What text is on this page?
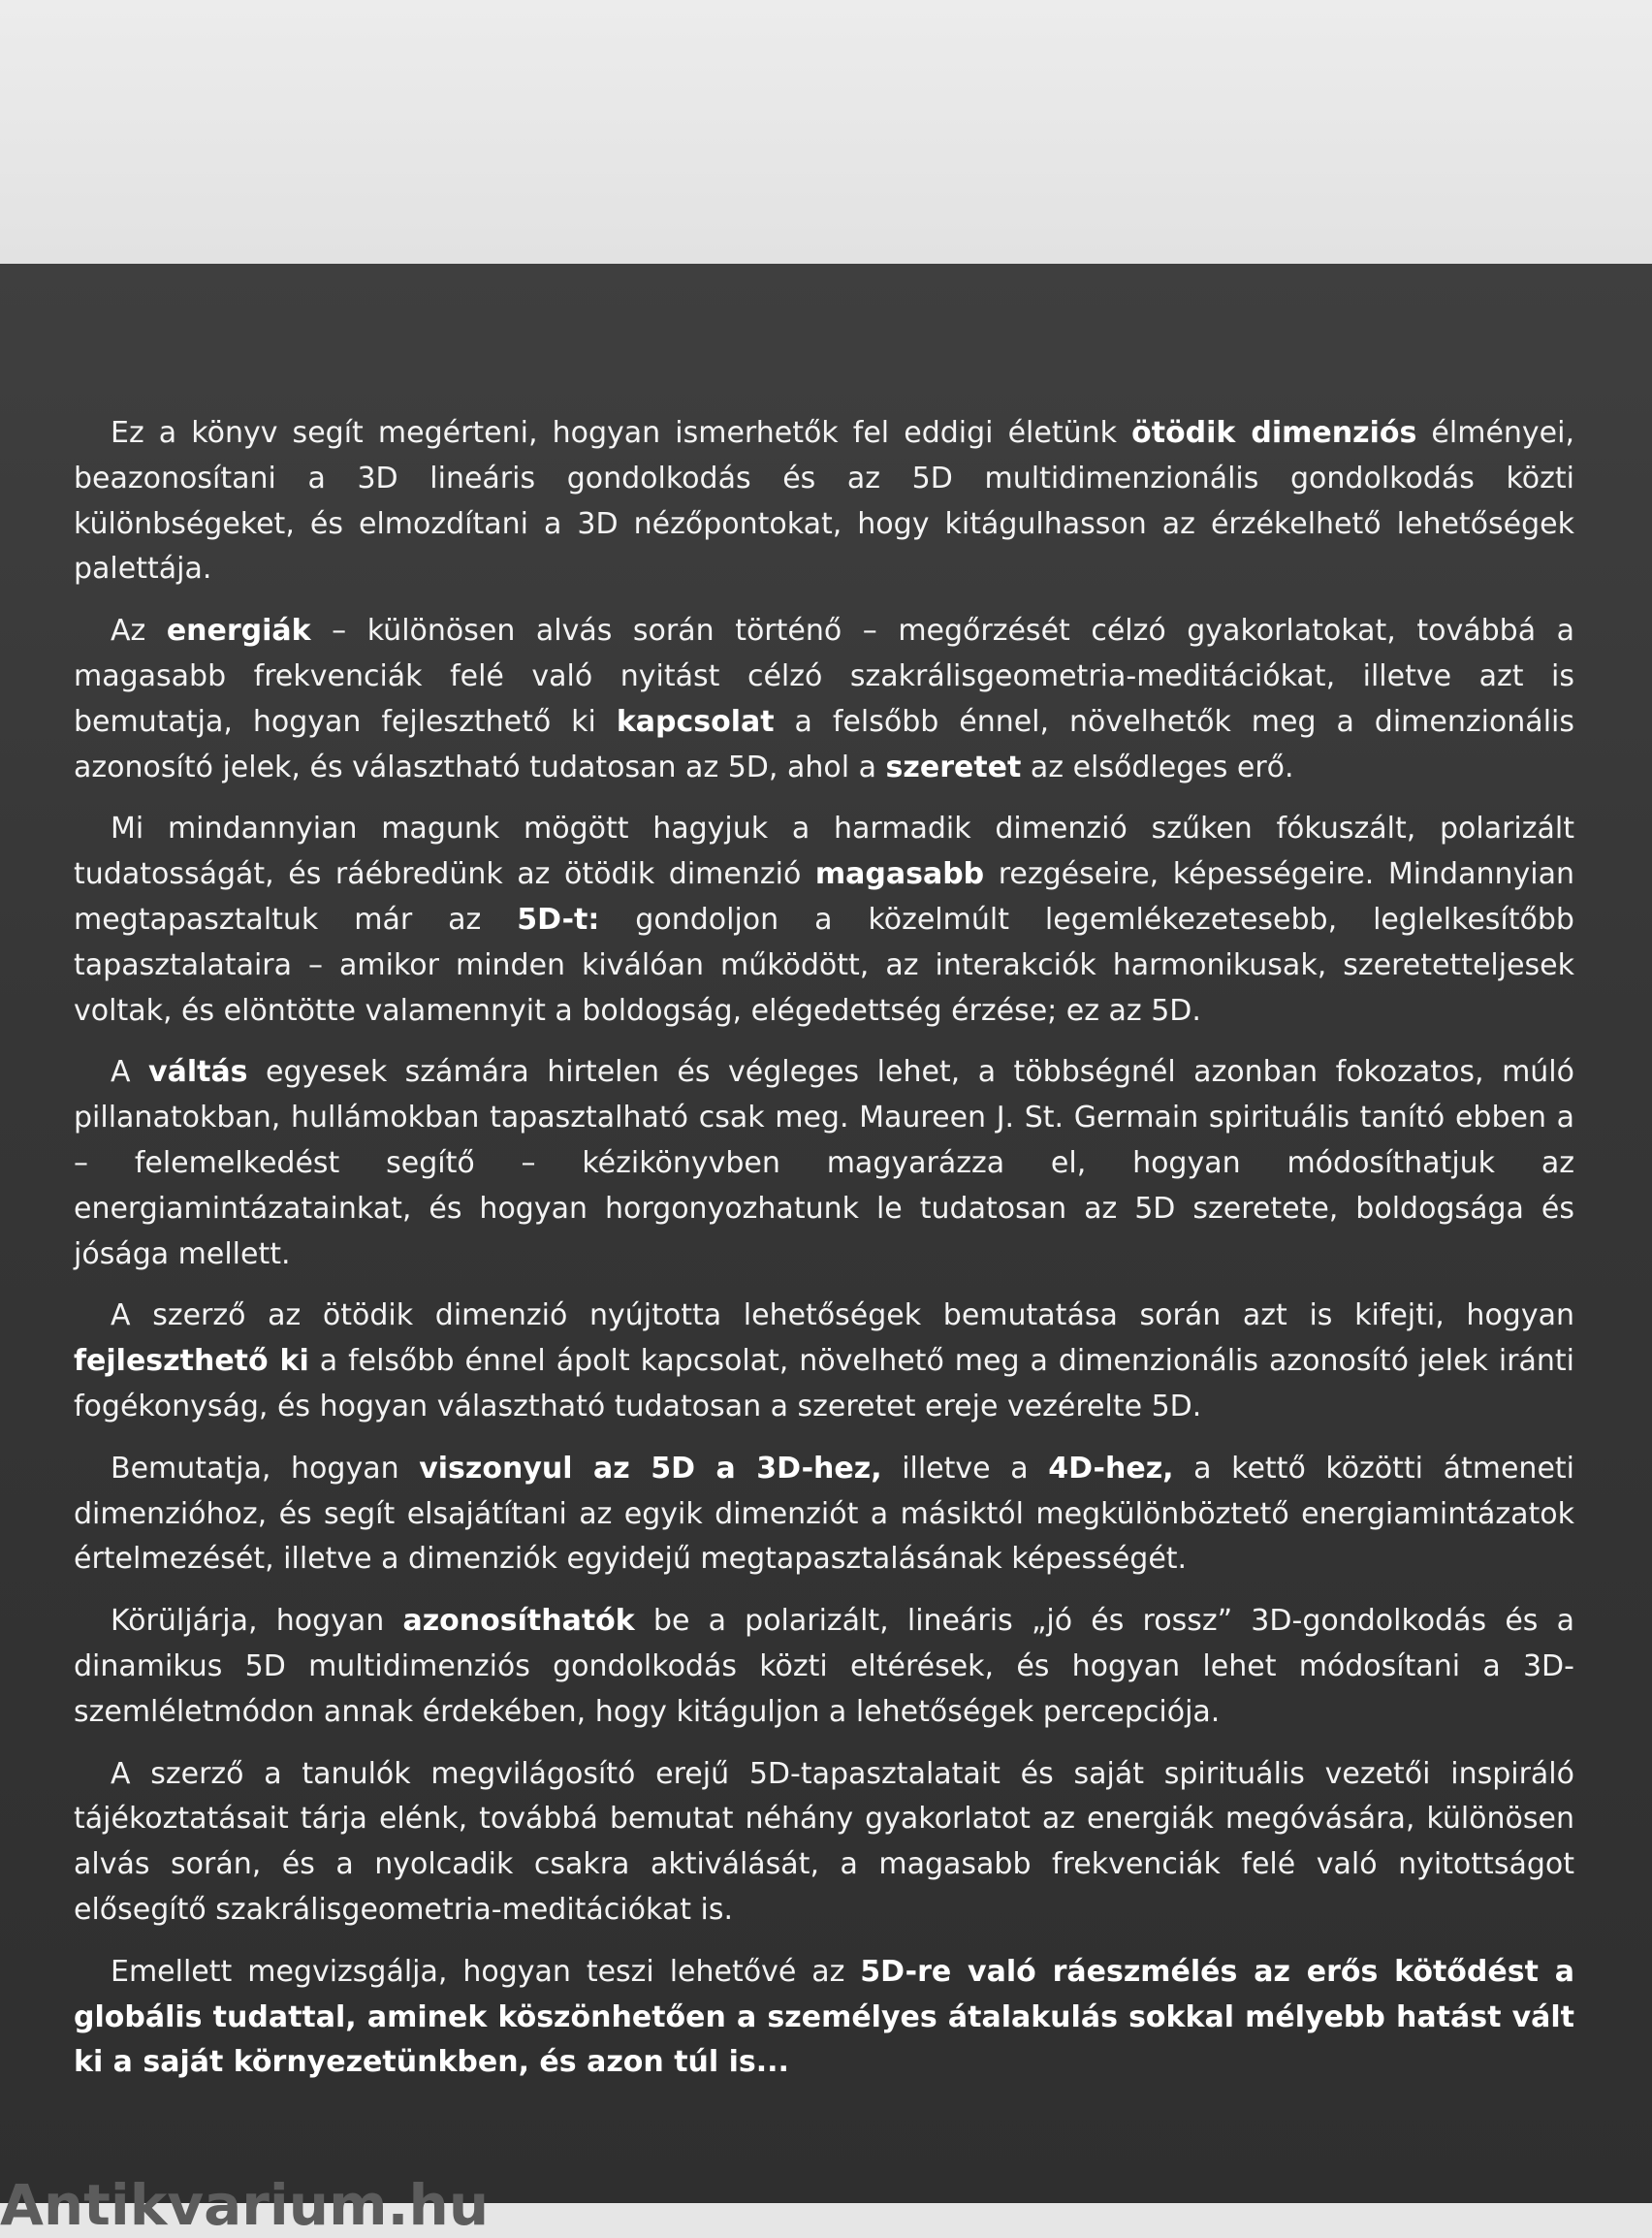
Ez a könyv segít megérteni, hogyan ismerhetők fel eddigi életünk ötödik dimenziós élményei, beazonosítani a 3D lineáris gondolkodás és az 5D multidimenzionális gondolkodás közti különbségeket, és elmozdítani a 3D nézőpontokat, hogy kitágulhasson az érzékelhető lehetőségek palettája.

Az energiák – különösen alvás során történő – megőrzését célzó gyakorlatokat, továbbá a magasabb frekvenciák felé való nyitást célzó szakrálisgeometria-meditációkat, illetve azt is bemutatja, hogyan fejleszthető ki kapcsolat a felsőbb énnel, növelhetők meg a dimenzionális azonosító jelek, és választható tudatosan az 5D, ahol a szeretet az elsődleges erő.

Mi mindannyian magunk mögött hagyjuk a harmadik dimenzió szűken fókuszált, polarizált tudatosságát, és ráébredünk az ötödik dimenzió magasabb rezgéseire, képességeire. Mindannyian megtapasztaltuk már az 5D-t: gondoljon a közelmúlt legemlékezetesebb, leglelkesítőbb tapasztalataira – amikor minden kiválóan működött, az interakciók harmonikusak, szeretetteljesek voltak, és elöntötte valamennyit a boldogság, elégedettség érzése; ez az 5D.

A váltás egyesek számára hirtelen és végleges lehet, a többségnél azonban fokozatos, múló pillanatokban, hullámokban tapasztalható csak meg. Maureen J. St. Germain spirituális tanító ebben a – felemelkedést segítő – kézikönyvben magyarázza el, hogyan módosíthatjuk az energiamintázatainkat, és hogyan horgonyozhatunk le tudatosan az 5D szeretete, boldogsága és jósága mellett.

A szerző az ötödik dimenzió nyújtotta lehetőségek bemutatása során azt is kifejti, hogyan fejleszthető ki a felsőbb énnel ápolt kapcsolat, növelhető meg a dimenzionális azonosító jelek iránti fogékonyság, és hogyan választható tudatosan a szeretet ereje vezérelte 5D.

Bemutatja, hogyan viszonyul az 5D a 3D-hez, illetve a 4D-hez, a kettő közötti átmeneti dimenzióhoz, és segít elsajátítani az egyik dimenziót a másiktól megkülönböztető energiamintázatok értelmezését, illetve a dimenziók egyidejű megtapasztalásának képességét.

Körüljárja, hogyan azonosíthatók be a polarizált, lineáris „jó és rossz” 3D-gondolkodás és a dinamikus 5D multidimenziós gondolkodás közti eltérések, és hogyan lehet módosítani a 3D-szemléletmódon annak érdekében, hogy kitáguljon a lehetőségek percepciója.

A szerző a tanulók megvilágosító erejű 5D-tapasztalatait és saját spirituális vezetői inspiráló tájékoztatásait tárja elénk, továbbá bemutat néhány gyakorlatot az energiák megóvására, különösen alvás során, és a nyolcadik csakra aktiválását, a magasabb frekvenciák felé való nyitottságot elősegítő szakrálisgeometria-meditációkat is.

Emellett megvizsgálja, hogyan teszi lehetővé az 5D-re való ráeszmélés az erős kötődést a globális tudattal, aminek köszönhetően a személyes átalakulás sokkal mélyebb hatást vált ki a saját környezetünkben, és azon túl is...

Antikvarium.hu
